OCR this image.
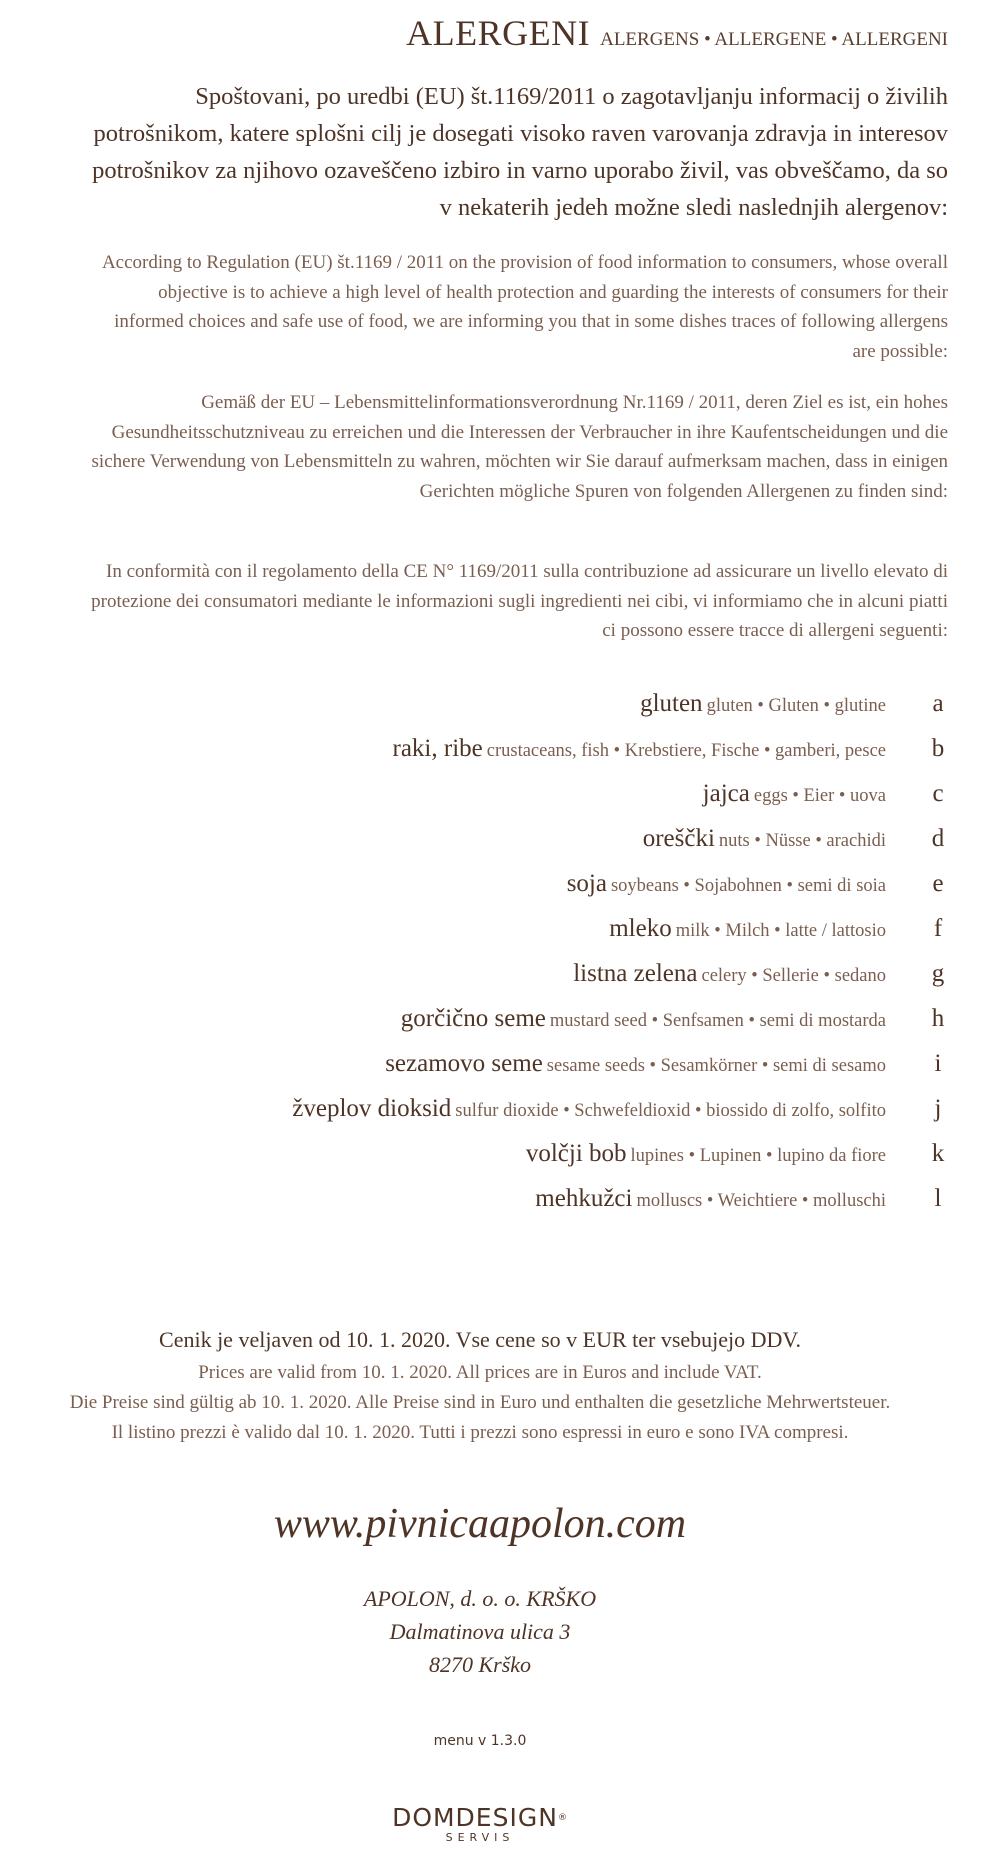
ALERGENI ALERGENS • ALLERGENE • ALLERGENI
Spoštovani, po uredbi (EU) št.1169/2011 o zagotavljanju informacij o živilih potrošnikom, katere splošni cilj je dosegati visoko raven varovanja zdravja in interesov potrošnikov za njihovo ozaveščeno izbiro in varno uporabo živil, vas obveščamo, da so v nekaterih jedeh možne sledi naslednjih alergenov:
According to Regulation (EU) št.1169 / 2011 on the provision of food information to consumers, whose overall objective is to achieve a high level of health protection and guarding the interests of consumers for their informed choices and safe use of food, we are informing you that in some dishes traces of following allergens are possible:
Gemäß der EU – Lebensmittelinformationsverordnung Nr.1169 / 2011, deren Ziel es ist, ein hohes Gesundheitsschutzniveau zu erreichen und die Interessen der Verbraucher in ihre Kaufentscheidungen und die sichere Verwendung von Lebensmitteln zu wahren, möchten wir Sie darauf aufmerksam machen, dass in einigen Gerichten mögliche Spuren von folgenden Allergenen zu finden sind:
In conformità con il regolamento della CE N° 1169/2011 sulla contribuzione ad assicurare un livello elevato di protezione dei consumatori mediante le informazioni sugli ingredienti nei cibi, vi informiamo che in alcuni piatti ci possono essere tracce di allergeni seguenti:
gluten gluten • Gluten • glutine a
raki, ribe crustaceans, fish • Krebstiere, Fische • gamberi, pesce b
jajca eggs • Eier • uova c
oreščki nuts • Nüsse • arachidi d
soja soybeans • Sojabohnen • semi di soia e
mleko milk • Milch • latte / lattosio f
listna zelena celery • Sellerie • sedano g
gorčično seme mustard seed • Senfsamen • semi di mostarda h
sezamovo seme sesame seeds • Sesamkörner • semi di sesamo i
žveplov dioksid sulfur dioxide • Schwefeldioxid • biossido di zolfo, solfito j
volčji bob lupines • Lupinen • lupino da fiore k
mehkužci molluscs • Weichtiere • molluschi l
Cenik je veljaven od 10. 1. 2020. Vse cene so v EUR ter vsebujejo DDV.
Prices are valid from 10. 1. 2020. All prices are in Euros and include VAT.
Die Preise sind gültig ab 10. 1. 2020. Alle Preise sind in Euro und enthalten die gesetzliche Mehrwertsteuer.
Il listino prezzi è valido dal 10. 1. 2020. Tutti i prezzi sono espressi in euro e sono IVA compresi.
www.pivnicaapolon.com
APOLON, d. o. o. KRŠKO
Dalmatinova ulica 3
8270 Krško
menu v 1.3.0
DOMDESIGN®
SERVIS
